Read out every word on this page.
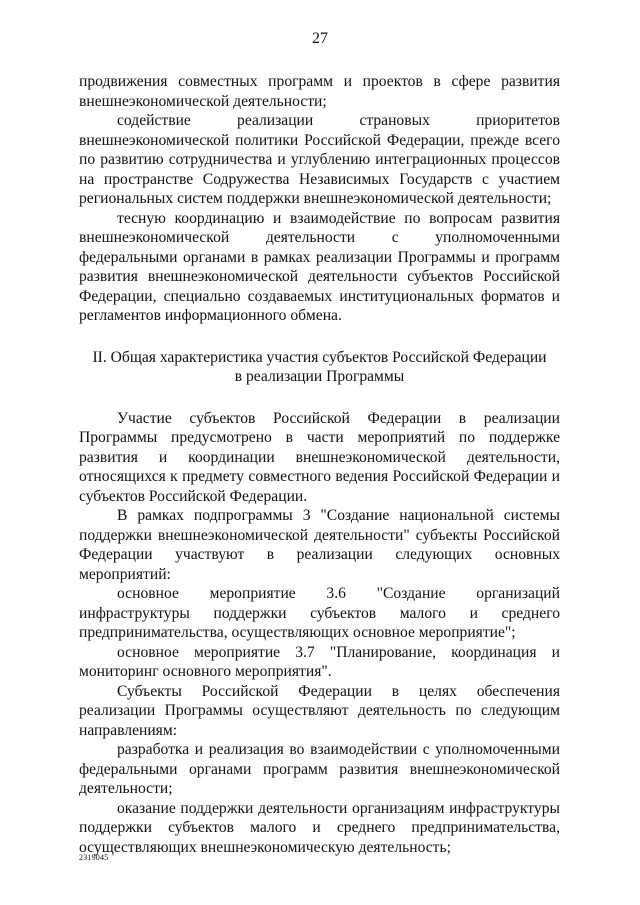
27

продвижения совместных программ и проектов в сфере развития внешнеэкономической деятельности;

содействие реализации страновых приоритетов внешнеэкономической политики Российской Федерации, прежде всего по развитию сотрудничества и углублению интеграционных процессов на пространстве Содружества Независимых Государств с участием региональных систем поддержки внешнеэкономической деятельности;

тесную координацию и взаимодействие по вопросам развития внешнеэкономической деятельности с уполномоченными федеральными органами в рамках реализации Программы и программ развития внешнеэкономической деятельности субъектов Российской Федерации, специально создаваемых институциональных форматов и регламентов информационного обмена.

II. Общая характеристика участия субъектов Российской Федерации
в реализации Программы

Участие субъектов Российской Федерации в реализации Программы предусмотрено в части мероприятий по поддержке развития и координации внешнеэкономической деятельности, относящихся к предмету совместного ведения Российской Федерации и субъектов Российской Федерации.

В рамках подпрограммы 3 "Создание национальной системы поддержки внешнеэкономической деятельности" субъекты Российской Федерации участвуют в реализации следующих основных мероприятий:

основное мероприятие 3.6 "Создание организаций инфраструктуры поддержки субъектов малого и среднего предпринимательства, осуществляющих основное мероприятие";

основное мероприятие 3.7 "Планирование, координация и мониторинг основного мероприятия".

Субъекты Российской Федерации в целях обеспечения реализации Программы осуществляют деятельность по следующим направлениям:

разработка и реализация во взаимодействии с уполномоченными федеральными органами программ развития внешнеэкономической деятельности;

оказание поддержки деятельности организациям инфраструктуры поддержки субъектов малого и среднего предпринимательства, осуществляющих внешнеэкономическую деятельность;

2319045
